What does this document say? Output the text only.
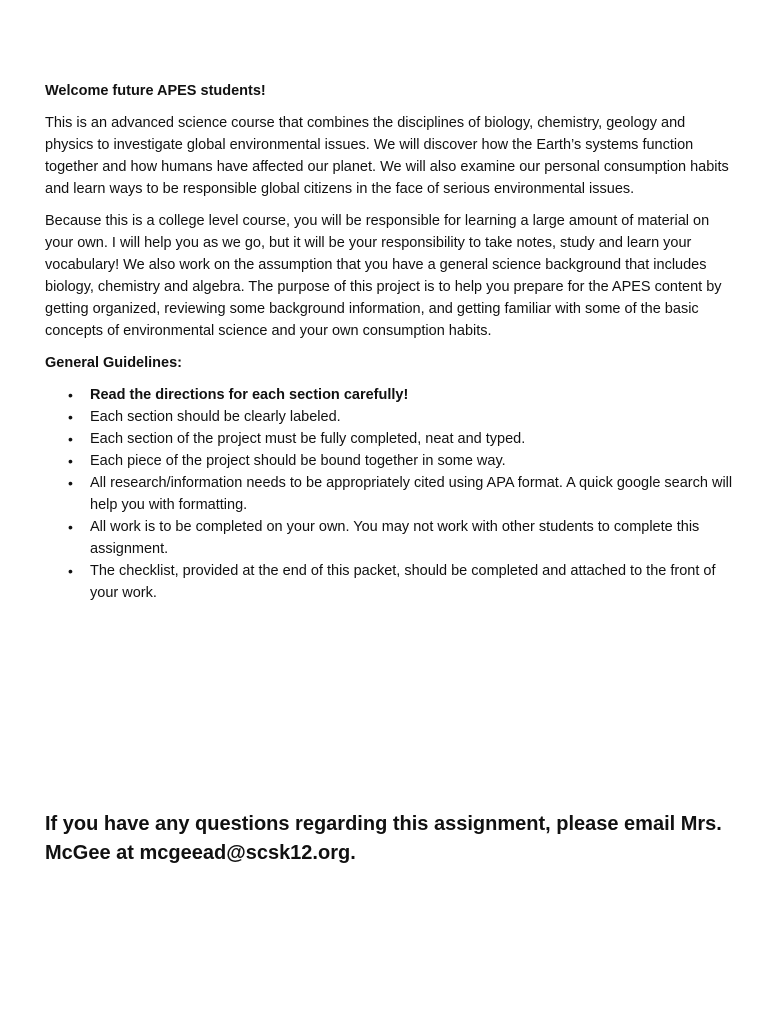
Welcome future APES students!

This is an advanced science course that combines the disciplines of biology, chemistry, geology and physics to investigate global environmental issues. We will discover how the Earth’s systems function together and how humans have affected our planet. We will also examine our personal consumption habits and learn ways to be responsible global citizens in the face of serious environmental issues.

Because this is a college level course, you will be responsible for learning a large amount of material on your own. I will help you as we go, but it will be your responsibility to take notes, study and learn your vocabulary! We also work on the assumption that you have a general science background that includes biology, chemistry and algebra. The purpose of this project is to help you prepare for the APES content by getting organized, reviewing some background information, and getting familiar with some of the basic concepts of environmental science and your own consumption habits.

General Guidelines:

• Read the directions for each section carefully!
• Each section should be clearly labeled.
• Each section of the project must be fully completed, neat and typed.
• Each piece of the project should be bound together in some way.
• All research/information needs to be appropriately cited using APA format. A quick google search will help you with formatting.
• All work is to be completed on your own. You may not work with other students to complete this assignment.
• The checklist, provided at the end of this packet, should be completed and attached to the front of your work.

If you have any questions regarding this assignment, please email Mrs. McGee at mcgeead@scsk12.org.
